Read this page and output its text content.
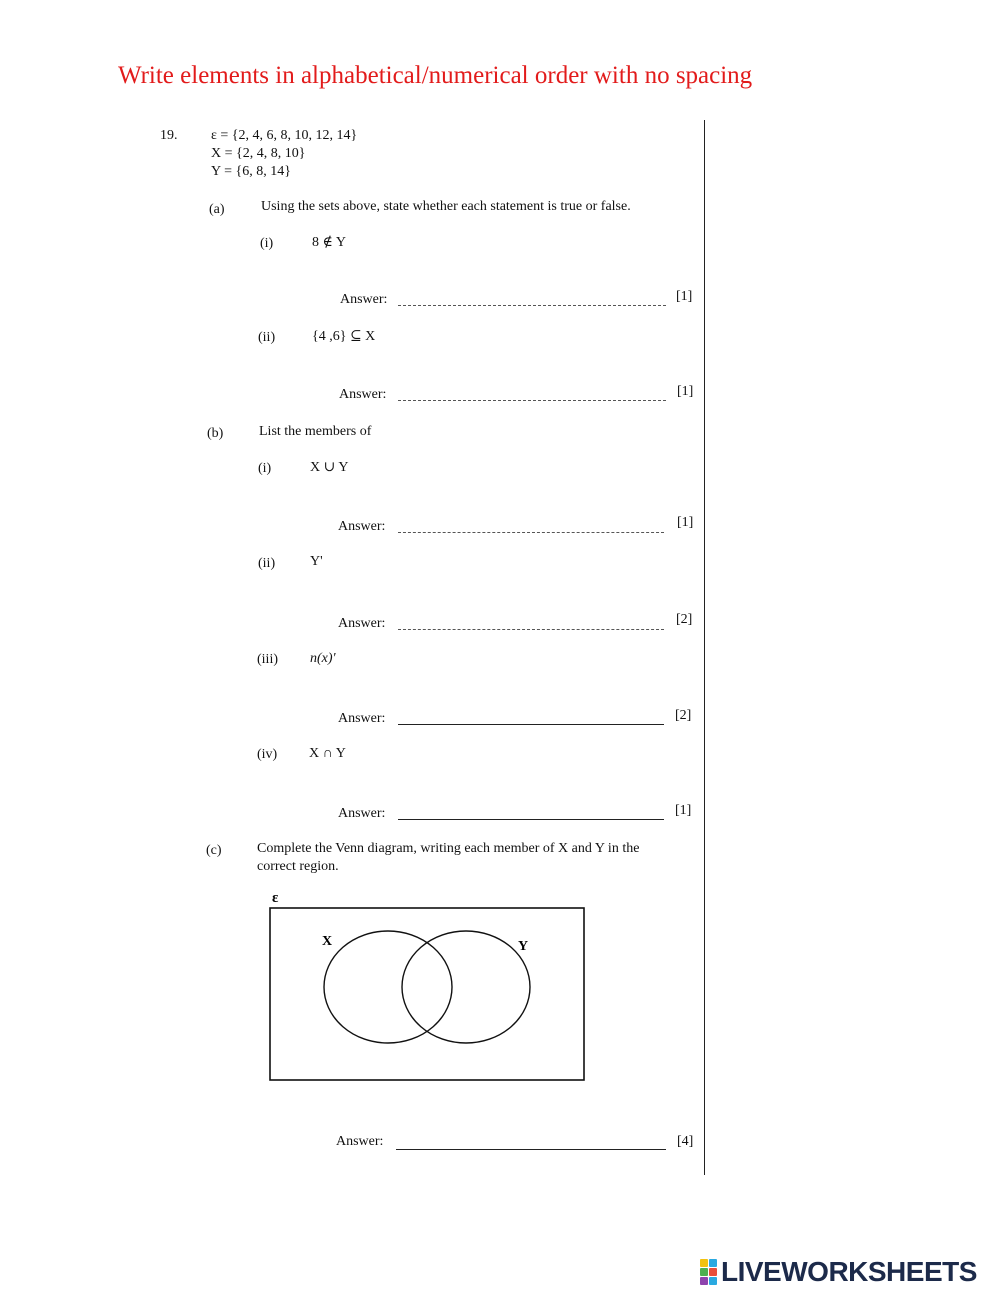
Write elements in alphabetical/numerical order with no spacing
19. ε = {2, 4, 6, 8, 10, 12, 14}
X = {2, 4, 8, 10}
Y = {6, 8, 14}
(a)	Using the sets above, state whether each statement is true or false.
(i)	8 ∉ Y
Answer:	[1]
(ii)	{4 ,6} ⊆ X
Answer:	[1]
(b)	List the members of
(i)	X ∪ Y
Answer:	[1]
(ii) Y'
Answer:	[2]
(iii) n(x)'
Answer:	[2]
(iv) X ∩ Y
Answer:	[1]
(c)	Complete the Venn diagram, writing each member of X and Y in the
correct region.
ε
X	Y
Answer:	[4]
LIVEWORKSHEETS
